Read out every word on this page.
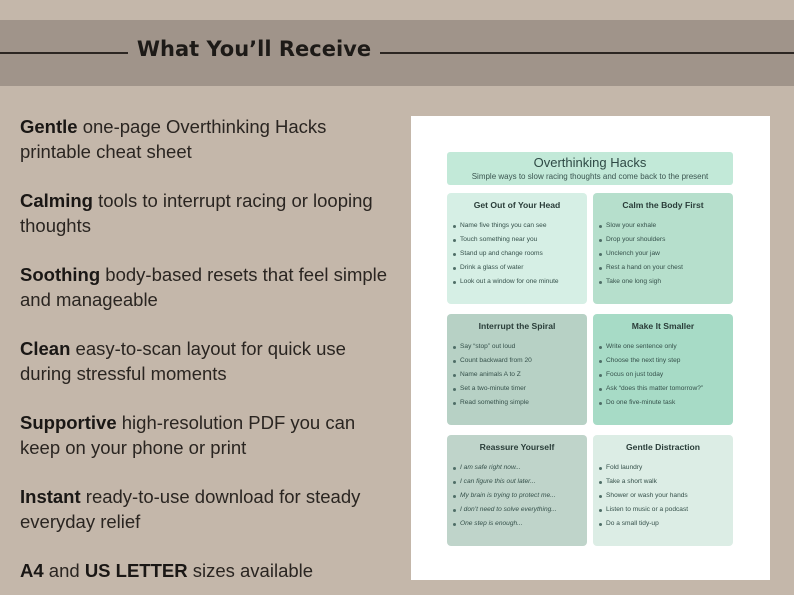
What You’ll Receive
Gentle one-page Overthinking Hacks printable cheat sheet
Calming tools to interrupt racing or looping thoughts
Soothing body-based resets that feel simple and manageable
Clean easy-to-scan layout for quick use during stressful moments
Supportive high-resolution PDF you can keep on your phone or print
Instant ready-to-use download for steady everyday relief
A4 and US LETTER sizes available
Overthinking Hacks
Simple ways to slow racing thoughts and come back to the present
Get Out of Your Head
Name five things you can see
Touch something near you
Stand up and change rooms
Drink a glass of water
Look out a window for one minute
Calm the Body First
Slow your exhale
Drop your shoulders
Unclench your jaw
Rest a hand on your chest
Take one long sigh
Interrupt the Spiral
Say “stop” out loud
Count backward from 20
Name animals A to Z
Set a two-minute timer
Read something simple
Make It Smaller
Write one sentence only
Choose the next tiny step
Focus on just today
Ask “does this matter tomorrow?”
Do one five-minute task
Reassure Yourself
I am safe right now...
I can figure this out later...
My brain is trying to protect me...
I don’t need to solve everything...
One step is enough...
Gentle Distraction
Fold laundry
Take a short walk
Shower or wash your hands
Listen to music or a podcast
Do a small tidy-up
